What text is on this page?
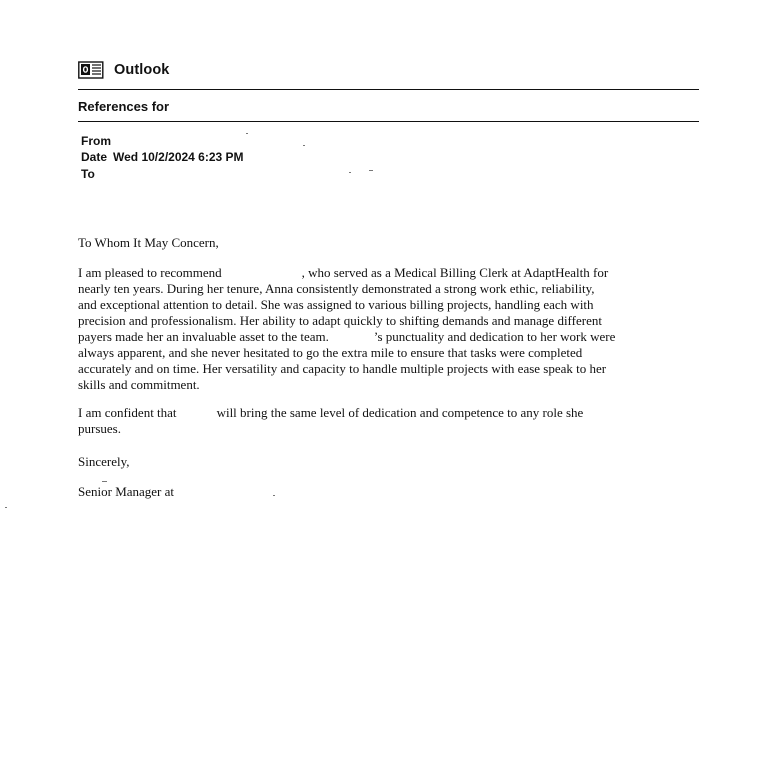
Outlook
References for
From
Date Wed 10/2/2024 6:23 PM
To
To Whom It May Concern,
I am pleased to recommend	, who served as a Medical Billing Clerk at AdaptHealth for
nearly ten years. During her tenure, Anna consistently demonstrated a strong work ethic, reliability,
and exceptional attention to detail. She was assigned to various billing projects, handling each with
precision and professionalism. Her ability to adapt quickly to shifting demands and manage different
payers made her an invaluable asset to the team.	’s punctuality and dedication to her work were
always apparent, and she never hesitated to go the extra mile to ensure that tasks were completed
accurately and on time. Her versatility and capacity to handle multiple projects with ease speak to her
skills and commitment.
I am confident that	will bring the same level of dedication and competence to any role she
pursues.
Sincerely,
Senior Manager at
